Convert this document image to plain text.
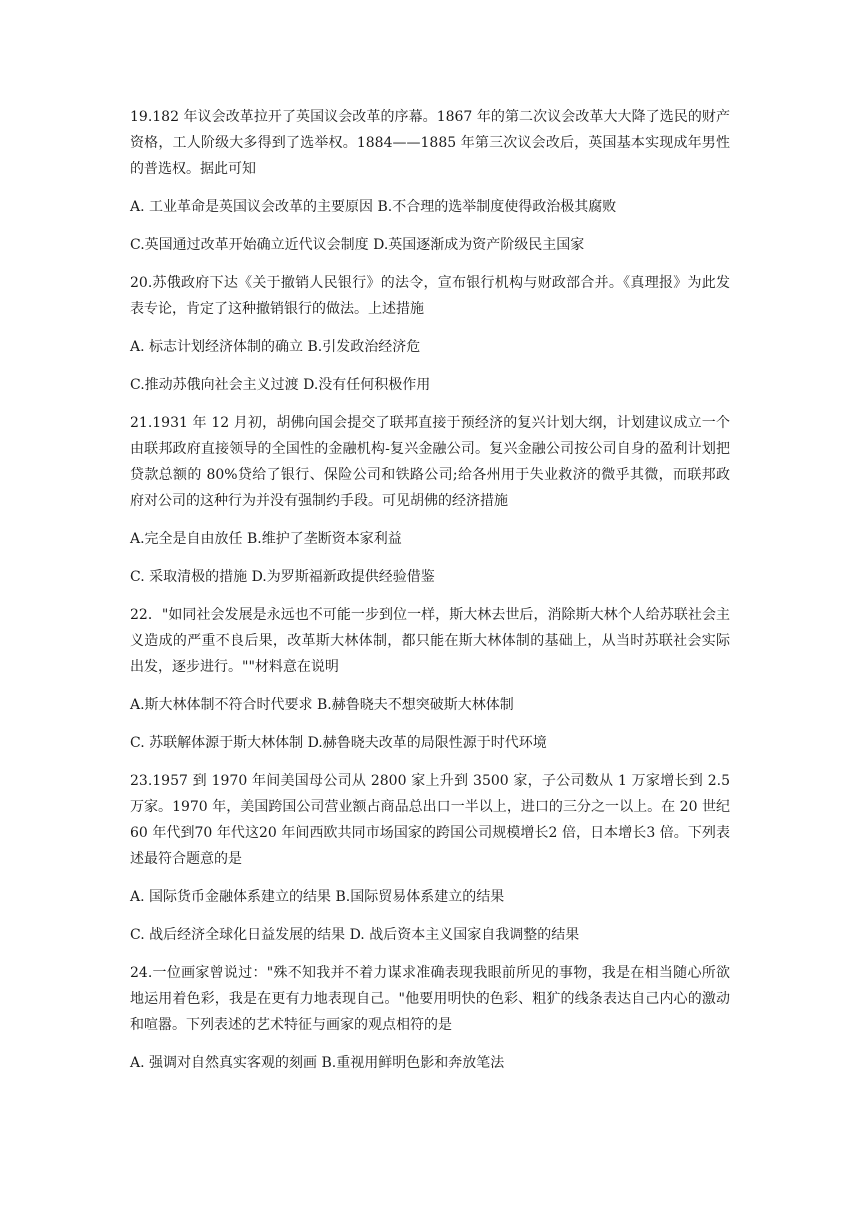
19.182 年议会改革拉开了英国议会改革的序幕。1867 年的第二次议会改革大大降了选民的财产资格，工人阶级大多得到了选举权。1884——1885 年第三次议会改后，英国基本实现成年男性的普选权。据此可知

A. 工业革命是英国议会改革的主要原因 B.不合理的选举制度使得政治极其腐败

C.英国通过改革开始确立近代议会制度 D.英国逐渐成为资产阶级民主国家

20.苏俄政府下达《关于撤销人民银行》的法令，宣布银行机构与财政部合并。《真理报》为此发表专论，肯定了这种撤销银行的做法。上述措施

A. 标志计划经济体制的确立 B.引发政治经济危

C.推动苏俄向社会主义过渡 D.没有任何积极作用

21.1931 年 12 月初，胡佛向国会提交了联邦直接于预经济的复兴计划大纲，计划建议成立一个由联邦政府直接领导的全国性的金融机构-复兴金融公司。复兴金融公司按公司自身的盈利计划把贷款总额的 80%贷给了银行、保险公司和铁路公司;给各州用于失业救济的微乎其微，而联邦政府对公司的这种行为并没有强制约手段。可见胡佛的经济措施

A.完全是自由放任 B.维护了垄断资本家利益

C. 采取清极的措施 D.为罗斯福新政提供经验借鉴

22．"如同社会发展是永远也不可能一步到位一样，斯大林去世后，消除斯大林个人给苏联社会主义造成的严重不良后果，改革斯大林体制，都只能在斯大林体制的基础上，从当时苏联社会实际出发，逐步进行。""材料意在说明

A.斯大林体制不符合时代要求 B.赫鲁晓夫不想突破斯大林体制

C. 苏联解体源于斯大林体制 D.赫鲁晓夫改革的局限性源于时代环境

23.1957 到 1970 年间美国母公司从 2800 家上升到 3500 家，子公司数从 1 万家增长到 2.5 万家。1970 年，美国跨国公司营业额占商品总出口一半以上，进口的三分之一以上。在 20 世纪 60 年代到70 年代这20 年间西欧共同市场国家的跨国公司规模增长2 倍，日本增长3 倍。下列表述最符合题意的是

A. 国际货币金融体系建立的结果 B.国际贸易体系建立的结果

C. 战后经济全球化日益发展的结果 D. 战后资本主义国家自我调整的结果

24.一位画家曾说过："殊不知我并不着力谋求准确表现我眼前所见的事物，我是在相当随心所欲地运用着色彩，我是在更有力地表现自己。"他要用明快的色彩、粗犷的线条表达自己内心的激动和喧嚣。下列表述的艺术特征与画家的观点相符的是

A. 强调对自然真实客观的刻画 B.重视用鲜明色影和奔放笔法
